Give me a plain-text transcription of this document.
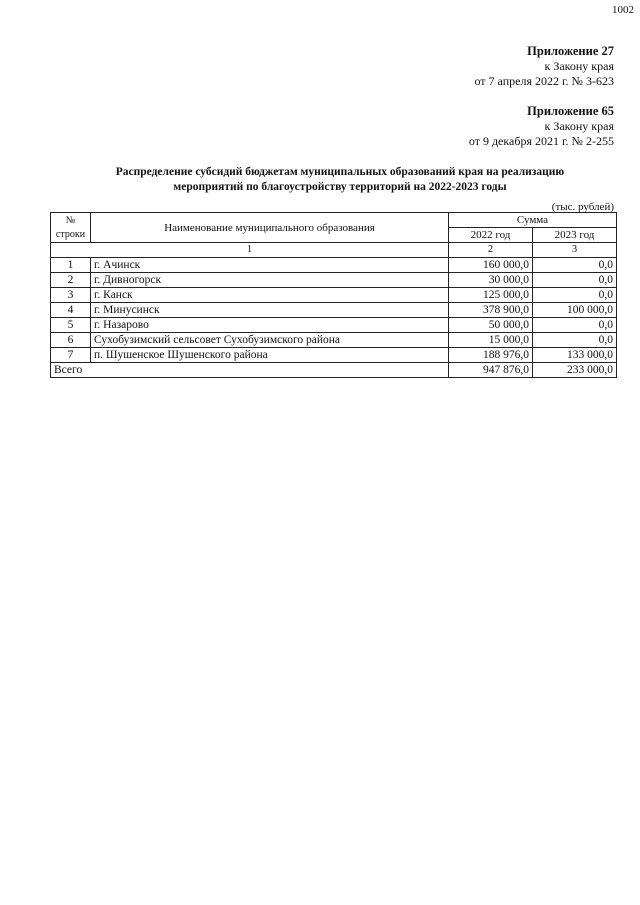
1002
Приложение 27
к Закону края
от 7 апреля 2022 г. № 3-623
Приложение 65
к Закону края
от 9 декабря 2021 г. № 2-255
Распределение субсидий бюджетам муниципальных образований края на реализацию
мероприятий по благоустройству территорий на 2022-2023 годы
(тыс. рублей)
№
строки	Наименование муниципального образования	Сумма	
		2022 год	2023 год
1		2	3
1	г. Ачинск	160 000,0	0,0
2	г. Дивногорск	30 000,0	0,0
3	г. Канск	125 000,0	0,0
4	г. Минусинск	378 900,0	100 000,0
5	г. Назарово	50 000,0	0,0
6	Сухобузимский сельсовет Сухобузимского района	15 000,0	0,0
7	п. Шушенское Шушенского района	188 976,0	133 000,0
Всего		947 876,0	233 000,0
